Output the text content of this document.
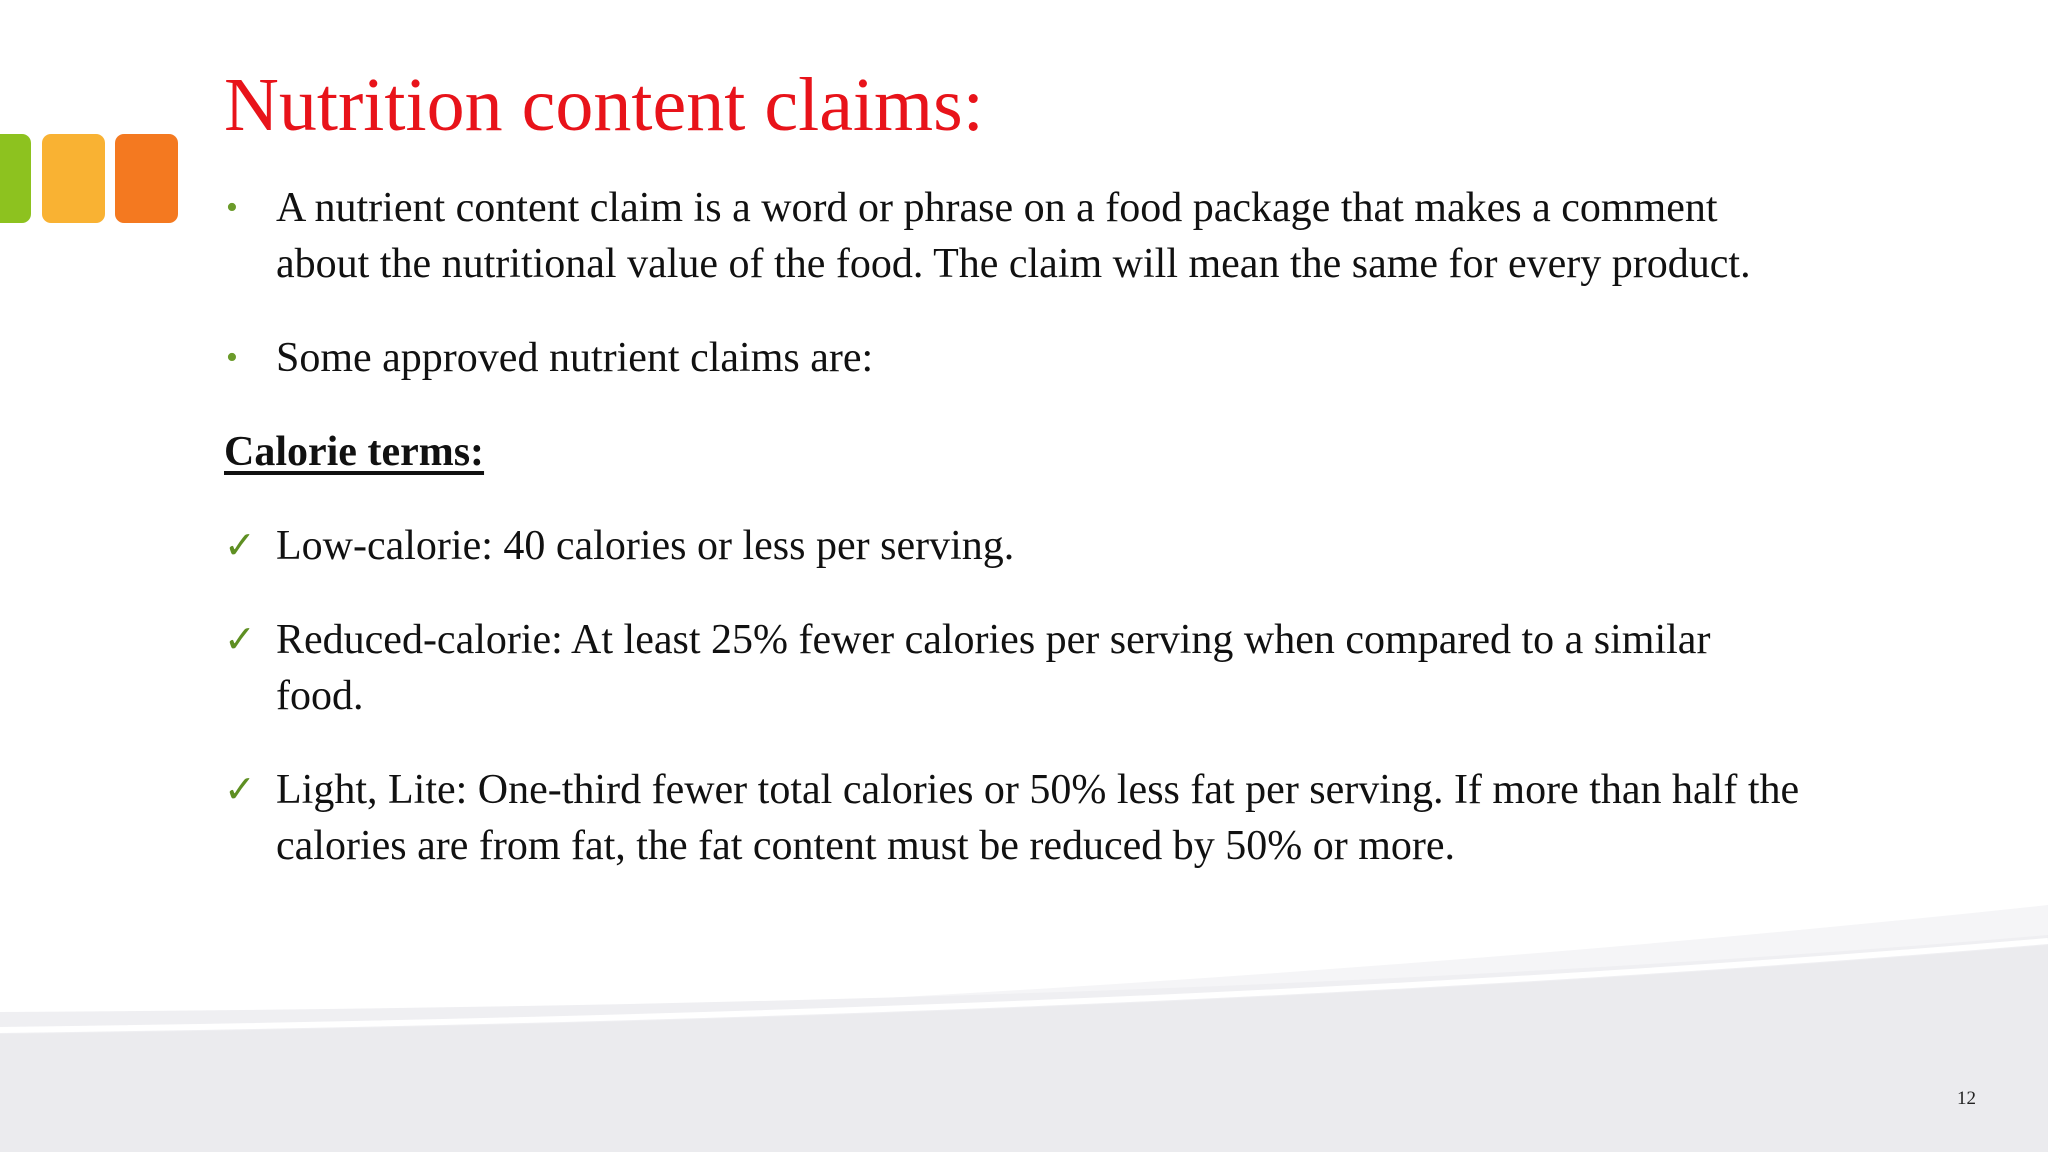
Nutrition content claims:
• A nutrient content claim is a word or phrase on a food package that makes a comment about the nutritional value of the food. The claim will mean the same for every product.
• Some approved nutrient claims are:

Calorie terms:

✓ Low-calorie: 40 calories or less per serving.
✓ Reduced-calorie: At least 25% fewer calories per serving when compared to a similar food.
✓ Light, Lite: One-third fewer total calories or 50% less fat per serving. If more than half the calories are from fat, the fat content must be reduced by 50% or more.
12
